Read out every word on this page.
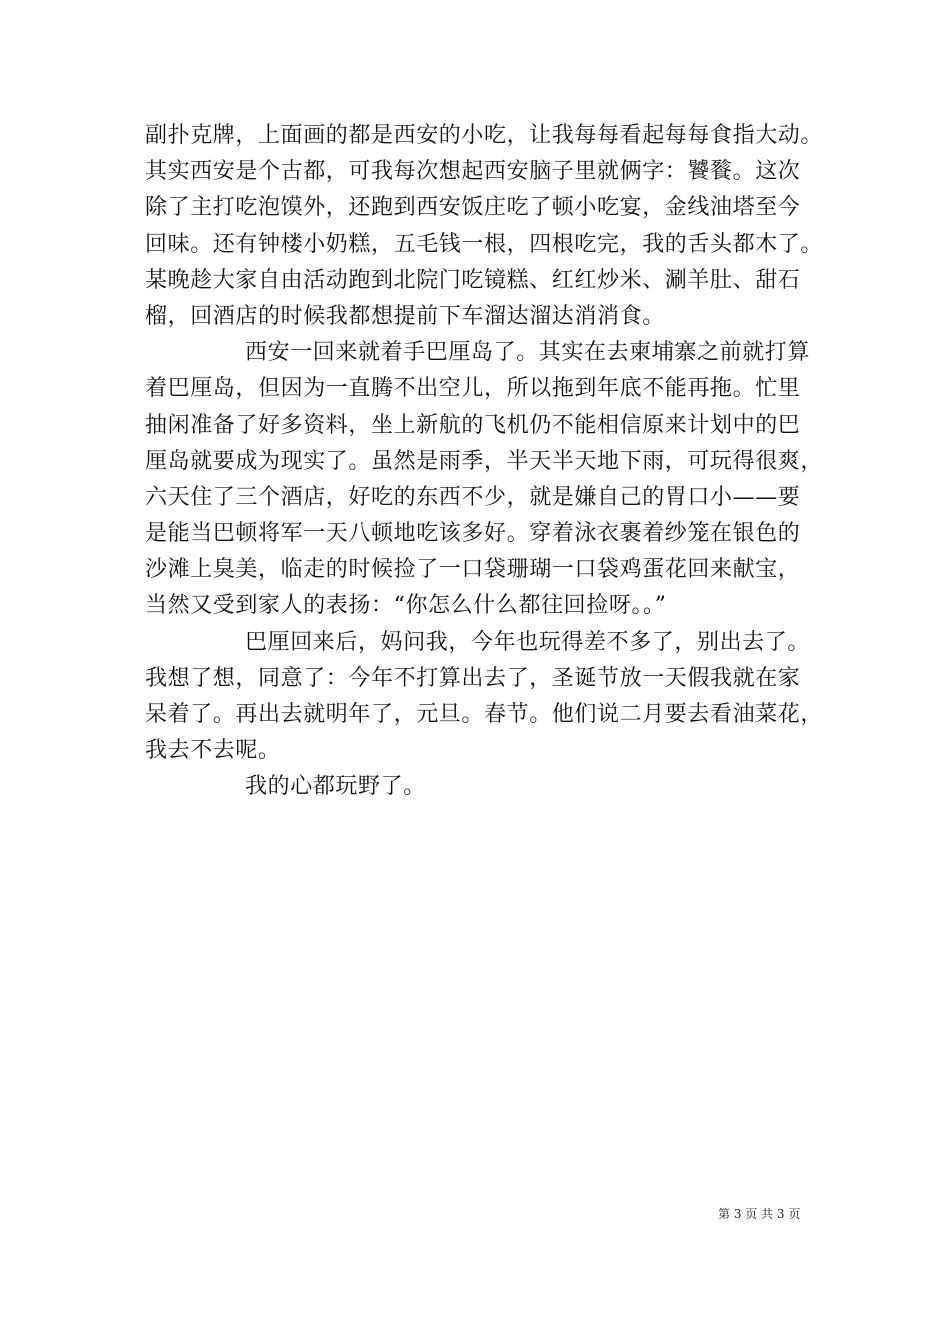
副扑克牌，上面画的都是西安的小吃，让我每每看起每每食指大动。
其实西安是个古都，可我每次想起西安脑子里就俩字：饕餮。这次
除了主打吃泡馍外，还跑到西安饭庄吃了顿小吃宴，金线油塔至今
回味。还有钟楼小奶糕，五毛钱一根，四根吃完，我的舌头都木了。
某晚趁大家自由活动跑到北院门吃镜糕、红红炒米、涮羊肚、甜石
榴，回酒店的时候我都想提前下车溜达溜达消消食。
西安一回来就着手巴厘岛了。其实在去柬埔寨之前就打算
着巴厘岛，但因为一直腾不出空儿，所以拖到年底不能再拖。忙里
抽闲准备了好多资料，坐上新航的飞机仍不能相信原来计划中的巴
厘岛就要成为现实了。虽然是雨季，半天半天地下雨，可玩得很爽，
六天住了三个酒店，好吃的东西不少，就是嫌自己的胃口小——要
是能当巴顿将军一天八顿地吃该多好。穿着泳衣裹着纱笼在银色的
沙滩上臭美，临走的时候捡了一口袋珊瑚一口袋鸡蛋花回来献宝，
当然又受到家人的表扬：“你怎么什么都往回捡呀。。”
巴厘回来后，妈问我，今年也玩得差不多了，别出去了。
我想了想，同意了：今年不打算出去了，圣诞节放一天假我就在家
呆着了。再出去就明年了，元旦。春节。他们说二月要去看油菜花，
我去不去呢。
我的心都玩野了。
第 3 页 共 3 页
